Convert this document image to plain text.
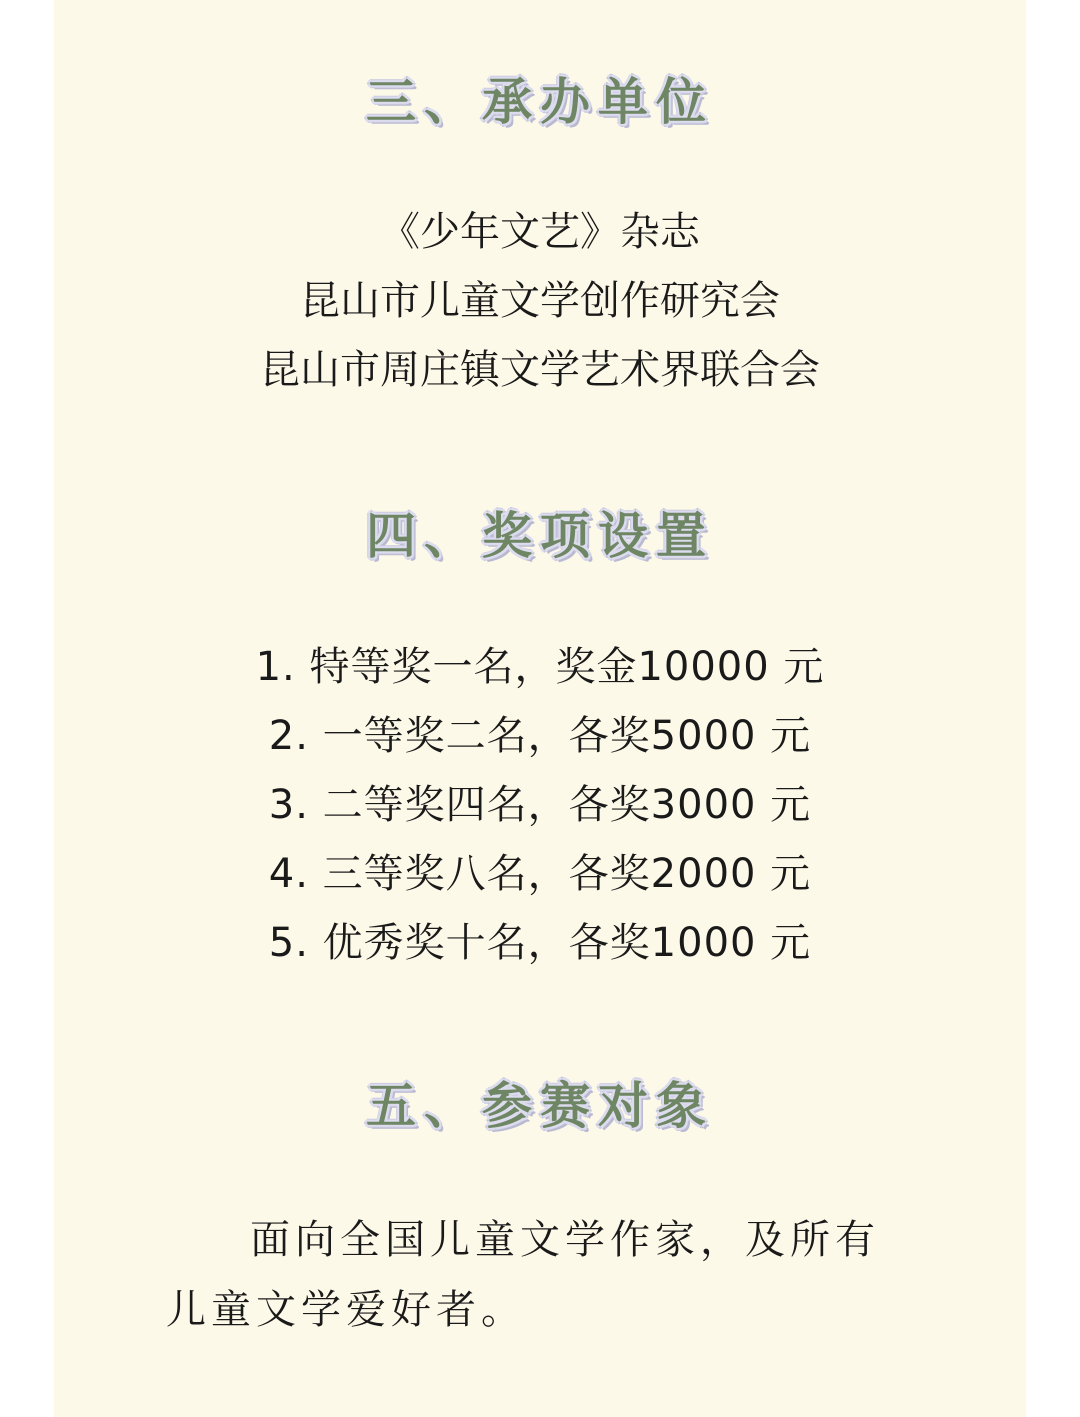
三、承办单位
《少年文艺》杂志
昆山市儿童文学创作研究会
昆山市周庄镇文学艺术界联合会
四、奖项设置
1. 特等奖一名，奖金10000 元
2. 一等奖二名，各奖5000 元
3. 二等奖四名，各奖3000 元
4. 三等奖八名，各奖2000 元
5. 优秀奖十名，各奖1000 元
五、参赛对象
面向全国儿童文学作家，及所有儿童文学爱好者。
